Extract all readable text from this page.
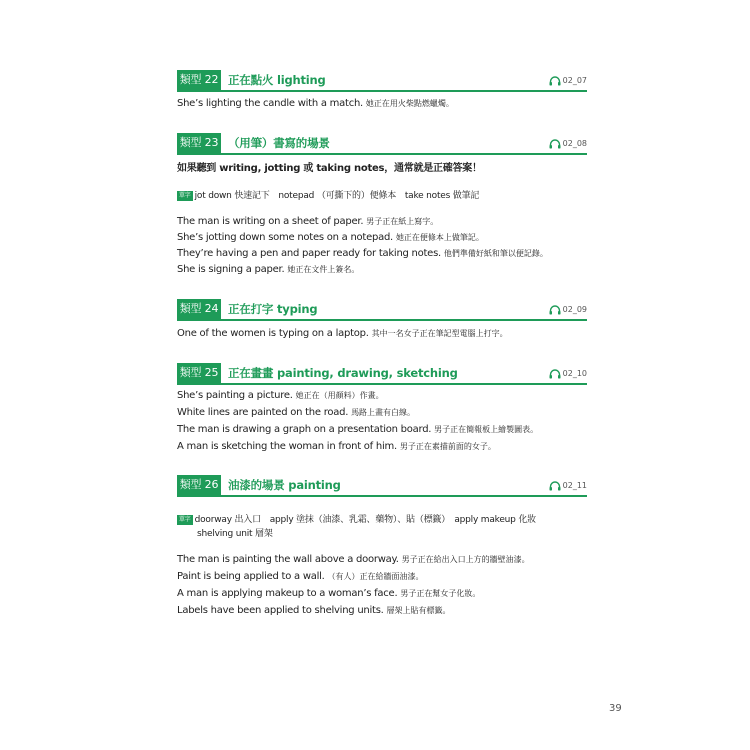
類型 22 正在點火 lighting	02_07
She’s lighting the candle with a match. 她正在用火柴點燃蠟燭。
類型 23 （用筆）書寫的場景	02_08
如果聽到 writing, jotting 或 taking notes，通常就是正確答案！
單字 jot down 快速記下　notepad （可撕下的）便條本　take notes 做筆記
The man is writing on a sheet of paper. 男子正在紙上寫字。
She’s jotting down some notes on a notepad. 她正在便條本上做筆記。
They’re having a pen and paper ready for taking notes. 他們準備好紙和筆以便記錄。
She is signing a paper. 她正在文件上簽名。
類型 24 正在打字 typing	02_09
One of the women is typing on a laptop. 其中一名女子正在筆記型電腦上打字。
類型 25 正在畫畫 painting, drawing, sketching	02_10
She’s painting a picture. 她正在（用顏料）作畫。
White lines are painted on the road. 馬路上畫有白線。
The man is drawing a graph on a presentation board. 男子正在簡報板上繪製圖表。
A man is sketching the woman in front of him. 男子正在素描前面的女子。
類型 26 油漆的場景 painting	02_11
單字 doorway 出入口　apply 塗抹（油漆、乳霜、藥物）、貼（標籤）　apply makeup 化妝
shelving unit 層架
The man is painting the wall above a doorway. 男子正在給出入口上方的牆壁油漆。
Paint is being applied to a wall. （有人）正在給牆面油漆。
A man is applying makeup to a woman’s face. 男子正在幫女子化妝。
Labels have been applied to shelving units. 層架上貼有標籤。
39
